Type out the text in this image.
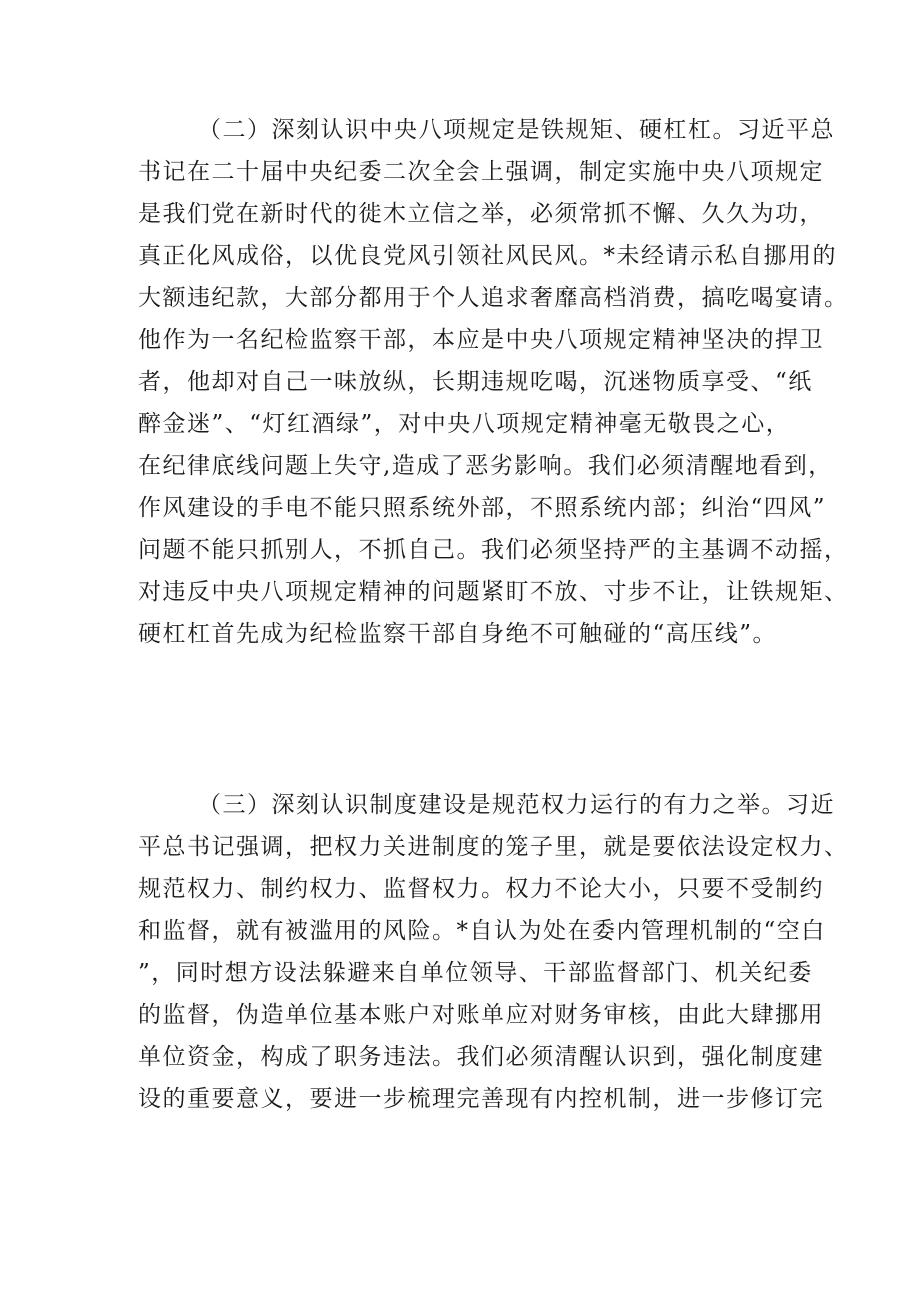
（二）深刻认识中央八项规定是铁规矩、硬杠杠。习近平总
书记在二十届中央纪委二次全会上强调，制定实施中央八项规定
是我们党在新时代的徙木立信之举，必须常抓不懈、久久为功，
真正化风成俗，以优良党风引领社风民风。*未经请示私自挪用的
大额违纪款，大部分都用于个人追求奢靡高档消费，搞吃喝宴请。
他作为一名纪检监察干部，本应是中央八项规定精神坚决的捍卫
者，他却对自己一味放纵，长期违规吃喝，沉迷物质享受、“纸
醉金迷”、“灯红酒绿”，对中央八项规定精神毫无敬畏之心，
在纪律底线问题上失守,造成了恶劣影响。我们必须清醒地看到，
作风建设的手电不能只照系统外部，不照系统内部；纠治“四风”
问题不能只抓别人，不抓自己。我们必须坚持严的主基调不动摇，
对违反中央八项规定精神的问题紧盯不放、寸步不让，让铁规矩、
硬杠杠首先成为纪检监察干部自身绝不可触碰的“高压线”。
（三）深刻认识制度建设是规范权力运行的有力之举。习近
平总书记强调，把权力关进制度的笼子里，就是要依法设定权力、
规范权力、制约权力、监督权力。权力不论大小，只要不受制约
和监督，就有被滥用的风险。*自认为处在委内管理机制的“空白
”，同时想方设法躲避来自单位领导、干部监督部门、机关纪委
的监督，伪造单位基本账户对账单应对财务审核，由此大肆挪用
单位资金，构成了职务违法。我们必须清醒认识到，强化制度建
设的重要意义，要进一步梳理完善现有内控机制，进一步修订完
